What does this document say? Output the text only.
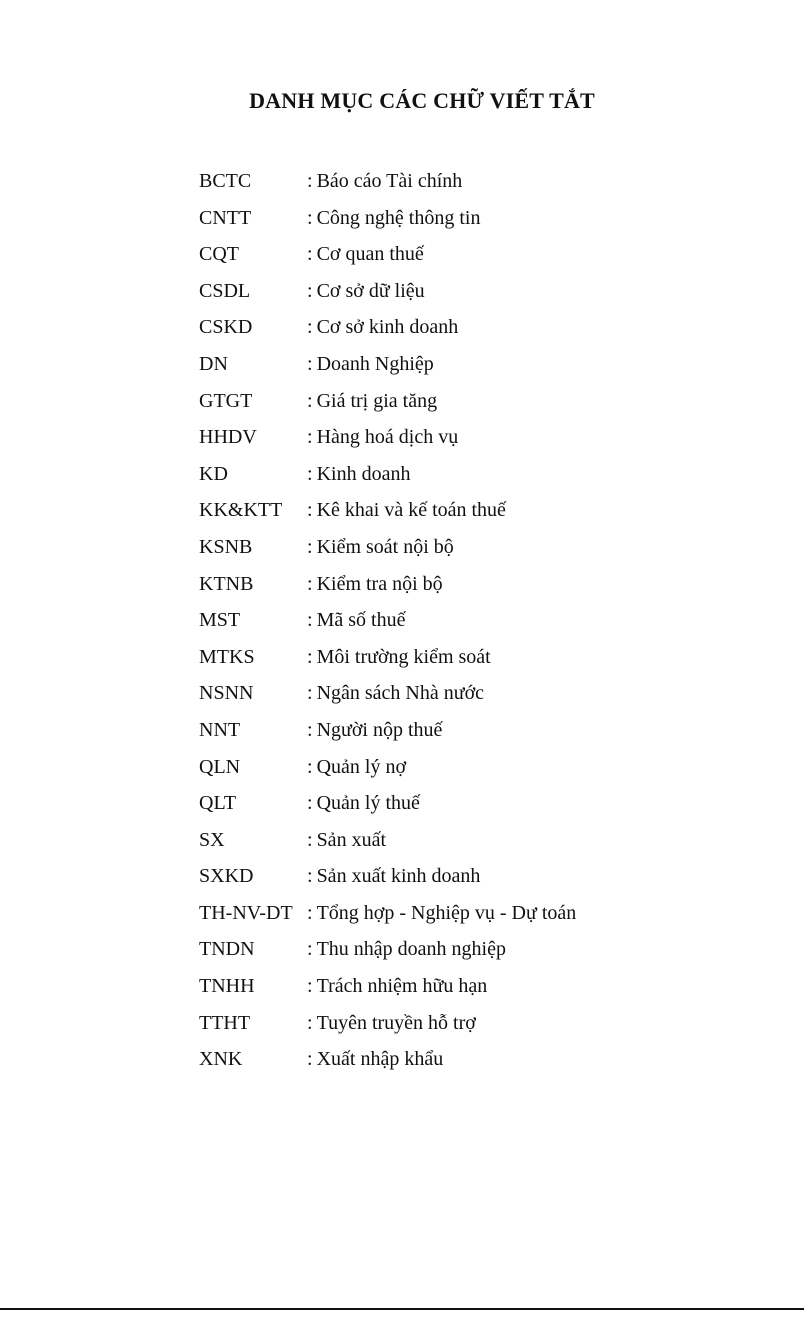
DANH MỤC CÁC CHỮ VIẾT TẮT
BCTC	: Báo cáo Tài chính
CNTT	: Công nghệ thông tin
CQT	: Cơ quan thuế
CSDL	: Cơ sở dữ liệu
CSKD	: Cơ sở kinh doanh
DN	: Doanh Nghiệp
GTGT	: Giá trị gia tăng
HHDV	: Hàng hoá dịch vụ
KD	: Kinh doanh
KK&KTT	: Kê khai và kế toán thuế
KSNB	: Kiểm soát nội bộ
KTNB	: Kiểm tra nội bộ
MST	: Mã số thuế
MTKS	: Môi trường kiểm soát
NSNN	: Ngân sách Nhà nước
NNT	: Người nộp thuế
QLN	: Quản lý nợ
QLT	: Quản lý thuế
SX	: Sản xuất
SXKD	: Sản xuất kinh doanh
TH-NV-DT : Tổng hợp - Nghiệp vụ - Dự toán
TNDN	: Thu nhập doanh nghiệp
TNHH	: Trách nhiệm hữu hạn
TTHT	: Tuyên truyền hỗ trợ
XNK	: Xuất nhập khẩu
